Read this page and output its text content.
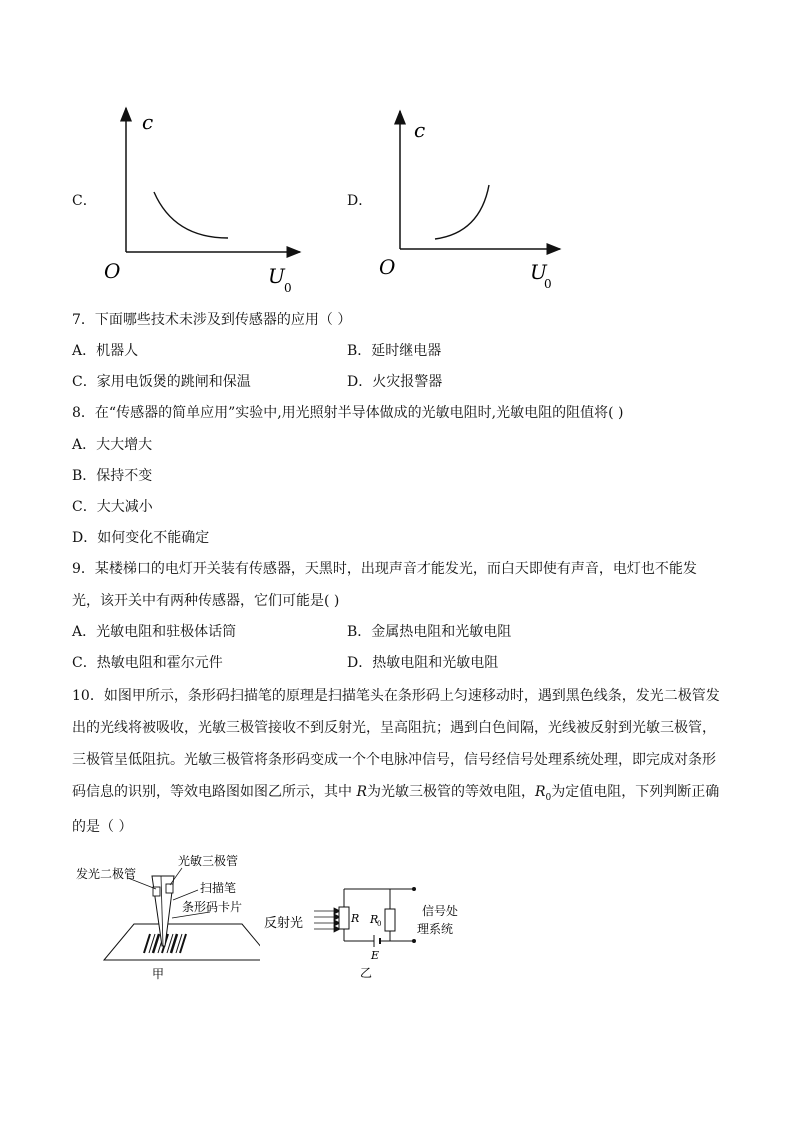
C．
c
O	U 0
D．
c
O	U
0
7．下面哪些技术未涉及到传感器的应用（ ）
A．机器人	B．延时继电器
C．家用电饭煲的跳闸和保温	D．火灾报警器
8．在“传感器的简单应用”实验中,用光照射半导体做成的光敏电阻时,光敏电阻的阻值将( )
A．大大增大
B．保持不变
C．大大减小
D．如何变化不能确定
9．某楼梯口的电灯开关装有传感器，天黑时，出现声音才能发光，而白天即使有声音，电灯也不能发
光，该开关中有两种传感器，它们可能是( )
A．光敏电阻和驻极体话筒	B．金属热电阻和光敏电阻
C．热敏电阻和霍尔元件	D．热敏电阻和光敏电阻
10．如图甲所示，条形码扫描笔的原理是扫描笔头在条形码上匀速移动时，遇到黑色线条，发光二极管发
出的光线将被吸收，光敏三极管接收不到反射光，呈高阻抗；遇到白色间隔，光线被反射到光敏三极管，
三极管呈低阻抗。光敏三极管将条形码变成一个个电脉冲信号，信号经信号处理系统处理，即完成对条形
码信息的识别，等效电路图如图乙所示，其中 R为光敏三极管的等效电阻，$R_0$为定值电阻，下列判断正确
的是（ ）
发光二极管
光敏三极管
扫描笔
条形码卡片
甲
反射光	R R
0
E
信号处
理系统
乙
